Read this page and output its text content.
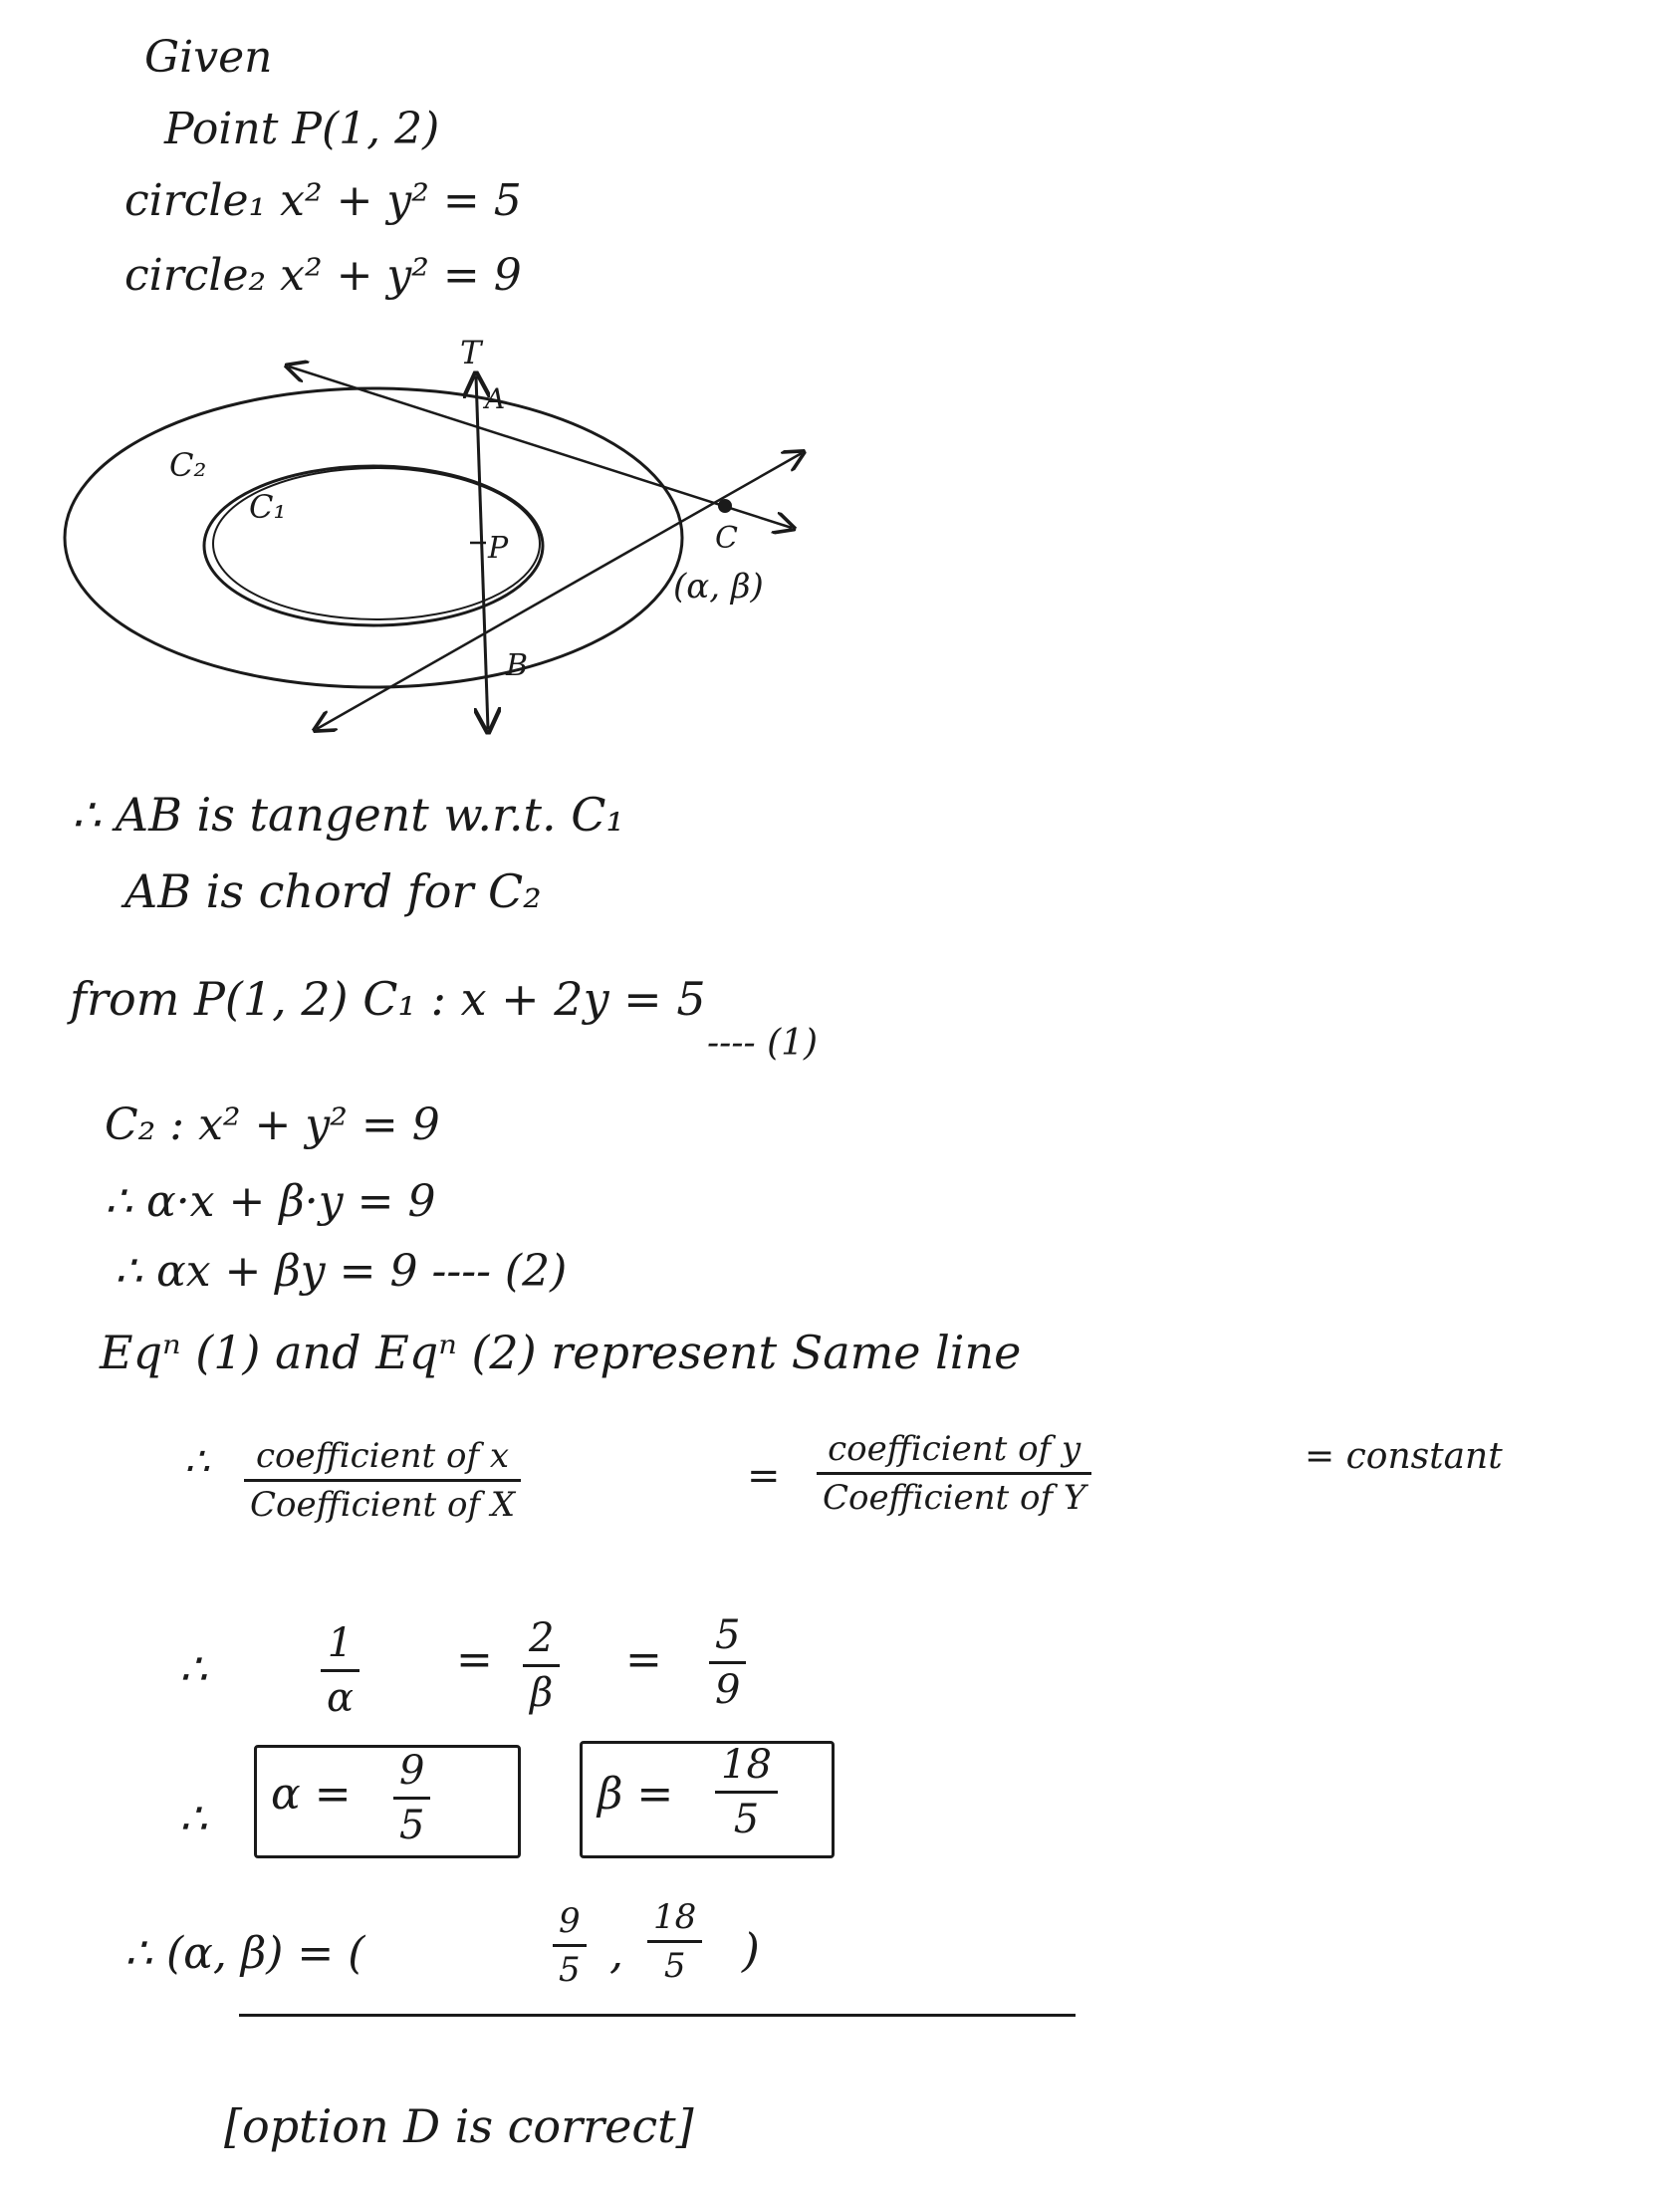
Given
Point P(1, 2)
circle₁ x² + y² = 5
circle₂ x² + y² = 9
C₂
C₁
T
A
P
B
C
(α, β)
∴ AB is tangent w.r.t. C₁
AB is chord for C₂
from P(1, 2) C₁ : x + 2y = 5
---- (1)
C₂ : x² + y² = 9
∴ α·x + β·y = 9
∴ αx + βy = 9 ---- (2)
Eqⁿ (1) and Eqⁿ (2) represent Same line
∴	coefficient of x
Coefficient of X
=
coefficient of y
Coefficient of Y
= constant
∴
1
α
= 2
β
= 5
9
∴ α = 9
5
β =
18
5
∴ (α, β) = (
9
5 ,
18
5	)
[option D is correct]
